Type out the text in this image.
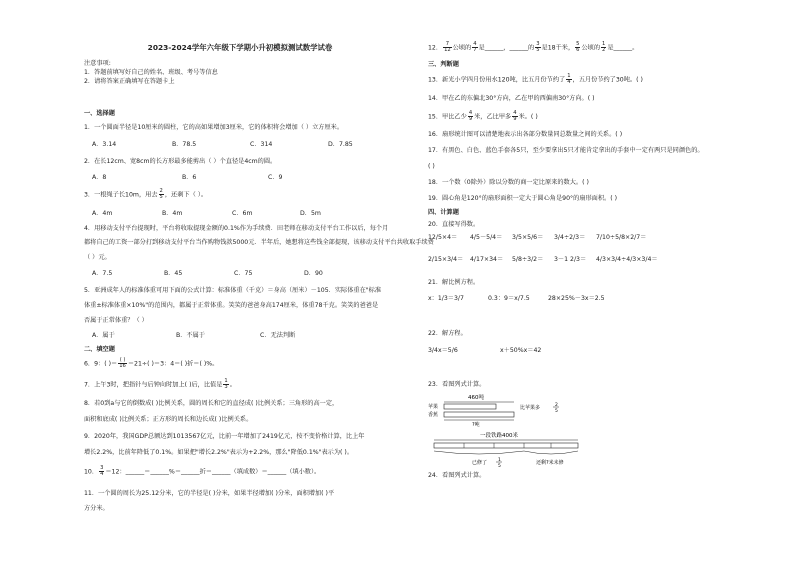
2023-2024学年六年级下学期小升初模拟测试数学试卷
注意事项:
1．答题前填写好自己的姓名、班级、考号等信息
2．请将答案正确填写在答题卡上
一、选择题
1．一个圆面半径是10厘米的圆柱，它的高如果增加3厘米，它的体积将会增加（ ）立方厘米。
A．3.14	B．78.5	C．314	D．7.85
2．在长12cm、宽8cm的长方形最多能剪出（ ）个直径是4cm的圆。
A．8	B．6	C．9
3．一根绳子长10m，用去 $\frac{2}{5}$ ，还剩下（ ）。
A．4m	B．4m	C．6m	D．5m
4．用移动支付平台提现时，平台将收取提现金额的0.1%作为手续费．田老师在移动支付平台工作以后，每个月
都将自己的工资一部分打到移动支付平台当作购物钱款5000元．半年后，她想将这些钱全部提现，该移动支付平台共收取手续费
（ ）元。
A．7.5	B．45	C．75	D．90
5．亚洲成年人的标准体重可用下面的公式计算：标准体重（千克）＝身高（厘米）－105．实际体重在"标准
体重±标准体重×10%"的范围内，都属于正常体重。笑笑的爸爸身高174厘米，体重78千克。笑笑的爸爸是
否属于正常体重？（ ）
A．属于	B．不属于	C．无法判断
二、填空题
6．9：( )＝ $\frac{( )}{16} =21\div$( )＝3：4＝( )折＝( )%。
7．上午3时，把指针与后钟向时加上( )后，比值是 $\frac{1}{3}$ 。
8．若0到a与它的倒数成( )比例关系，圆的周长和它的直径成( )比例关系；三角形的高一定，
面积和底成( )比例关系；正方形的周长和边长成( )比例关系。
9．2020年，我国GDP总额达到1013567亿元，比前一年增加了2419亿元，按不变价格计算，比上年
增长2.2%，比前年降低了0.1%。如果把"增长2.2%"表示为+2.2%，那么"降低0.1%"表示为( )。
10． $\frac{3}{4} =12$：______＝______%＝______折＝______（填成数）＝______（填小数）。
11．一个圆的周长为25.12分米，它的半径是( )分米，如果半径增加( )分米，面积增加( )平
方分米。
12． $\frac{7}{12}$ 公顷的 $\frac{4}{7}$ 是______，______的 $\frac{3}{5}$ 是18千米， $\frac{5}{6}$ 公顷的 $\frac{1}{2}$ 是______。
三、判断题
13．新光小学四月份用水120吨，比五月份节约了 $\frac{1}{4}$ ，五月份节约了30吨。( )
14．甲在乙的东偏北30°方向，乙在甲的西偏南30°方向。( )
15．甲比乙少 $\frac{4}{9}$ 米，乙比甲多 $\frac{4}{9}$ 米。( )
16．扇形统计图可以清楚地表示出各部分数量同总数量之间的关系。( )
17．有黑色、白色、蓝色手套各5只，至少要拿出5只才能肯定拿出的手套中一定有两只是同颜色的。
( )
18．一个数（0除外）除以分数的商一定比原来的数大。( )
19．圆心角是120°的扇形面积一定大于圆心角是90°的扇形面积。( )
四、计算题
20．直接写得数。
12/5×4＝ 4/5－5/4＝ 3/5×5/6＝ 3/4÷2/3＝ 7/10÷5/8×2/7＝
2/15×3/4＝ 4/17×34＝ 5/8÷3/2＝ 3－1 2/3＝ 4/3×3/4÷4/3×3/4＝
21．解比例方程。
x：1/3＝3/7	0.3：9＝x/7.5	28×25%－3x＝2.5
22．解方程。
3/4x＝5/6	x＋50%x＝42
23．看图列式计算。
460吨
苹果
香蕉
比苹果多	2
5
?吨
一段铁路400米
已修了 1
5
还剩?米未修
24．看图列式计算。
